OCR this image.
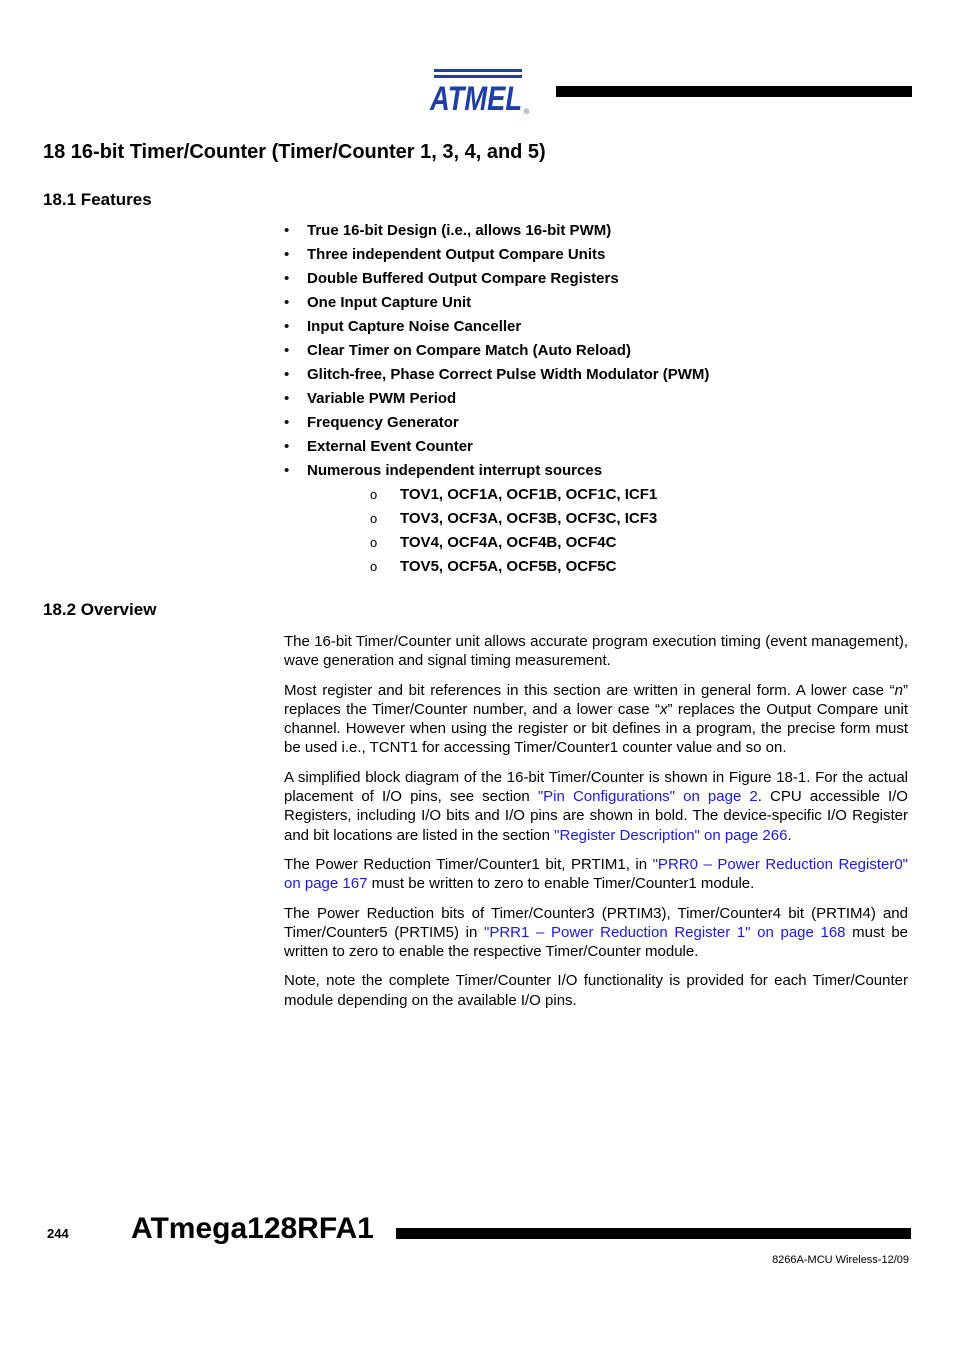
ATMEL ®
18 16-bit Timer/Counter (Timer/Counter 1, 3, 4, and 5)
18.1 Features
• True 16-bit Design (i.e., allows 16-bit PWM)
• Three independent Output Compare Units
• Double Buffered Output Compare Registers
• One Input Capture Unit
• Input Capture Noise Canceller
• Clear Timer on Compare Match (Auto Reload)
• Glitch-free, Phase Correct Pulse Width Modulator (PWM)
• Variable PWM Period
• Frequency Generator
• External Event Counter
• Numerous independent interrupt sources
o TOV1, OCF1A, OCF1B, OCF1C, ICF1
o TOV3, OCF3A, OCF3B, OCF3C, ICF3
o TOV4, OCF4A, OCF4B, OCF4C
o TOV5, OCF5A, OCF5B, OCF5C
18.2 Overview

The 16-bit Timer/Counter unit allows accurate program execution timing (event management), wave generation and signal timing measurement.

Most register and bit references in this section are written in general form. A lower case “n” replaces the Timer/Counter number, and a lower case “x” replaces the Output Compare unit channel. However when using the register or bit defines in a program, the precise form must be used i.e., TCNT1 for accessing Timer/Counter1 counter value and so on.

A simplified block diagram of the 16-bit Timer/Counter is shown in Figure 18-1. For the actual placement of I/O pins, see section "Pin Configurations" on page 2. CPU accessible I/O Registers, including I/O bits and I/O pins are shown in bold. The device-specific I/O Register and bit locations are listed in the section "Register Description" on page 266.

The Power Reduction Timer/Counter1 bit, PRTIM1, in "PRR0 – Power Reduction Register0" on page 167 must be written to zero to enable Timer/Counter1 module.

The Power Reduction bits of Timer/Counter3 (PRTIM3), Timer/Counter4 bit (PRTIM4) and Timer/Counter5 (PRTIM5) in "PRR1 – Power Reduction Register 1" on page 168 must be written to zero to enable the respective Timer/Counter module.

Note, note the complete Timer/Counter I/O functionality is provided for each Timer/Counter module depending on the available I/O pins.

244 ATmega128RFA1
8266A-MCU Wireless-12/09
